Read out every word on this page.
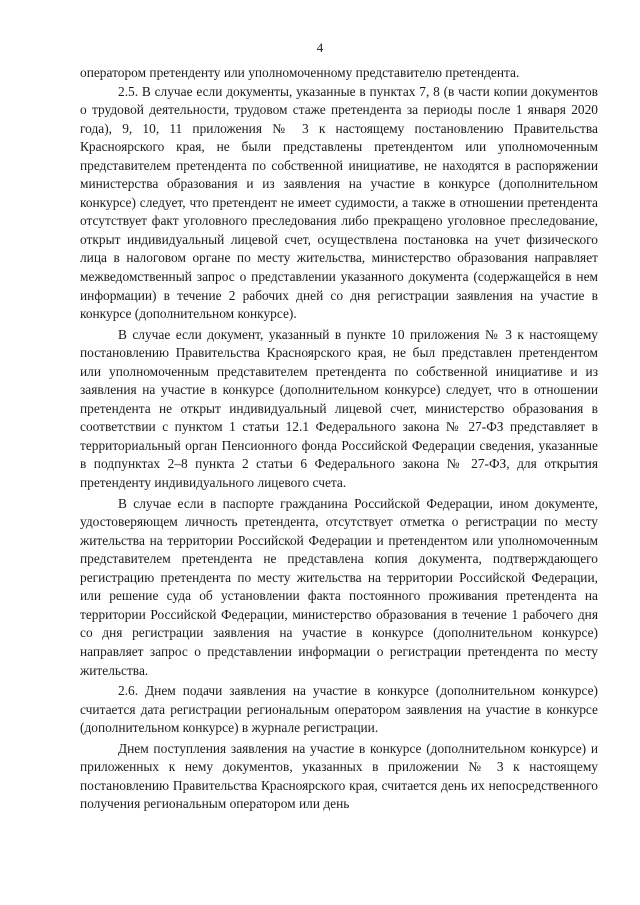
4

оператором претенденту или уполномоченному представителю претендента.

2.5. В случае если документы, указанные в пунктах 7, 8 (в части копии документов о трудовой деятельности, трудовом стаже претендента за периоды после 1 января 2020 года), 9, 10, 11 приложения № 3 к настоящему постановлению Правительства Красноярского края, не были представлены претендентом или уполномоченным представителем претендента по собственной инициативе, не находятся в распоряжении министерства образования и из заявления на участие в конкурсе (дополнительном конкурсе) следует, что претендент не имеет судимости, а также в отношении претендента отсутствует факт уголовного преследования либо прекращено уголовное преследование, открыт индивидуальный лицевой счет, осуществлена постановка на учет физического лица в налоговом органе по месту жительства, министерство образования направляет межведомственный запрос о представлении указанного документа (содержащейся в нем информации) в течение 2 рабочих дней со дня регистрации заявления на участие в конкурсе (дополнительном конкурсе).

В случае если документ, указанный в пункте 10 приложения № 3 к настоящему постановлению Правительства Красноярского края, не был представлен претендентом или уполномоченным представителем претендента по собственной инициативе и из заявления на участие в конкурсе (дополнительном конкурсе) следует, что в отношении претендента не открыт индивидуальный лицевой счет, министерство образования в соответствии с пунктом 1 статьи 12.1 Федерального закона № 27-ФЗ представляет в территориальный орган Пенсионного фонда Российской Федерации сведения, указанные в подпунктах 2–8 пункта 2 статьи 6 Федерального закона № 27-ФЗ, для открытия претенденту индивидуального лицевого счета.

В случае если в паспорте гражданина Российской Федерации, ином документе, удостоверяющем личность претендента, отсутствует отметка о регистрации по месту жительства на территории Российской Федерации и претендентом или уполномоченным представителем претендента не представлена копия документа, подтверждающего регистрацию претендента по месту жительства на территории Российской Федерации, или решение суда об установлении факта постоянного проживания претендента на территории Российской Федерации, министерство образования в течение 1 рабочего дня со дня регистрации заявления на участие в конкурсе (дополнительном конкурсе) направляет запрос о представлении информации о регистрации претендента по месту жительства.

2.6. Днем подачи заявления на участие в конкурсе (дополнительном конкурсе) считается дата регистрации региональным оператором заявления на участие в конкурсе (дополнительном конкурсе) в журнале регистрации.

Днем поступления заявления на участие в конкурсе (дополнительном конкурсе) и приложенных к нему документов, указанных в приложении № 3 к настоящему постановлению Правительства Красноярского края, считается день их непосредственного получения региональным оператором или день
